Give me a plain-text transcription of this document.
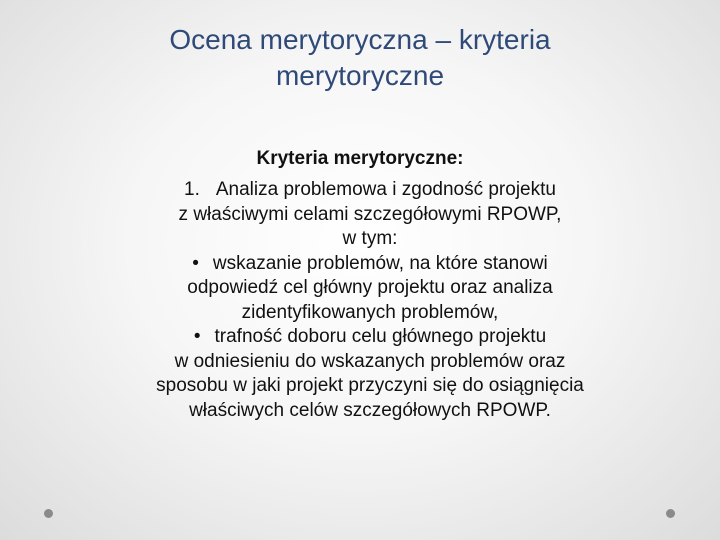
Ocena merytoryczna – kryteria
merytoryczne
Kryteria merytoryczne:
1. Analiza problemowa i zgodność projektu
z właściwymi celami szczegółowymi RPOWP,
w tym:
• wskazanie problemów, na które stanowi
odpowiedź cel główny projektu oraz analiza
zidentyfikowanych problemów,
• trafność doboru celu głównego projektu
w odniesieniu do wskazanych problemów oraz
sposobu w jaki projekt przyczyni się do osiągnięcia
właściwych celów szczegółowych RPOWP.
